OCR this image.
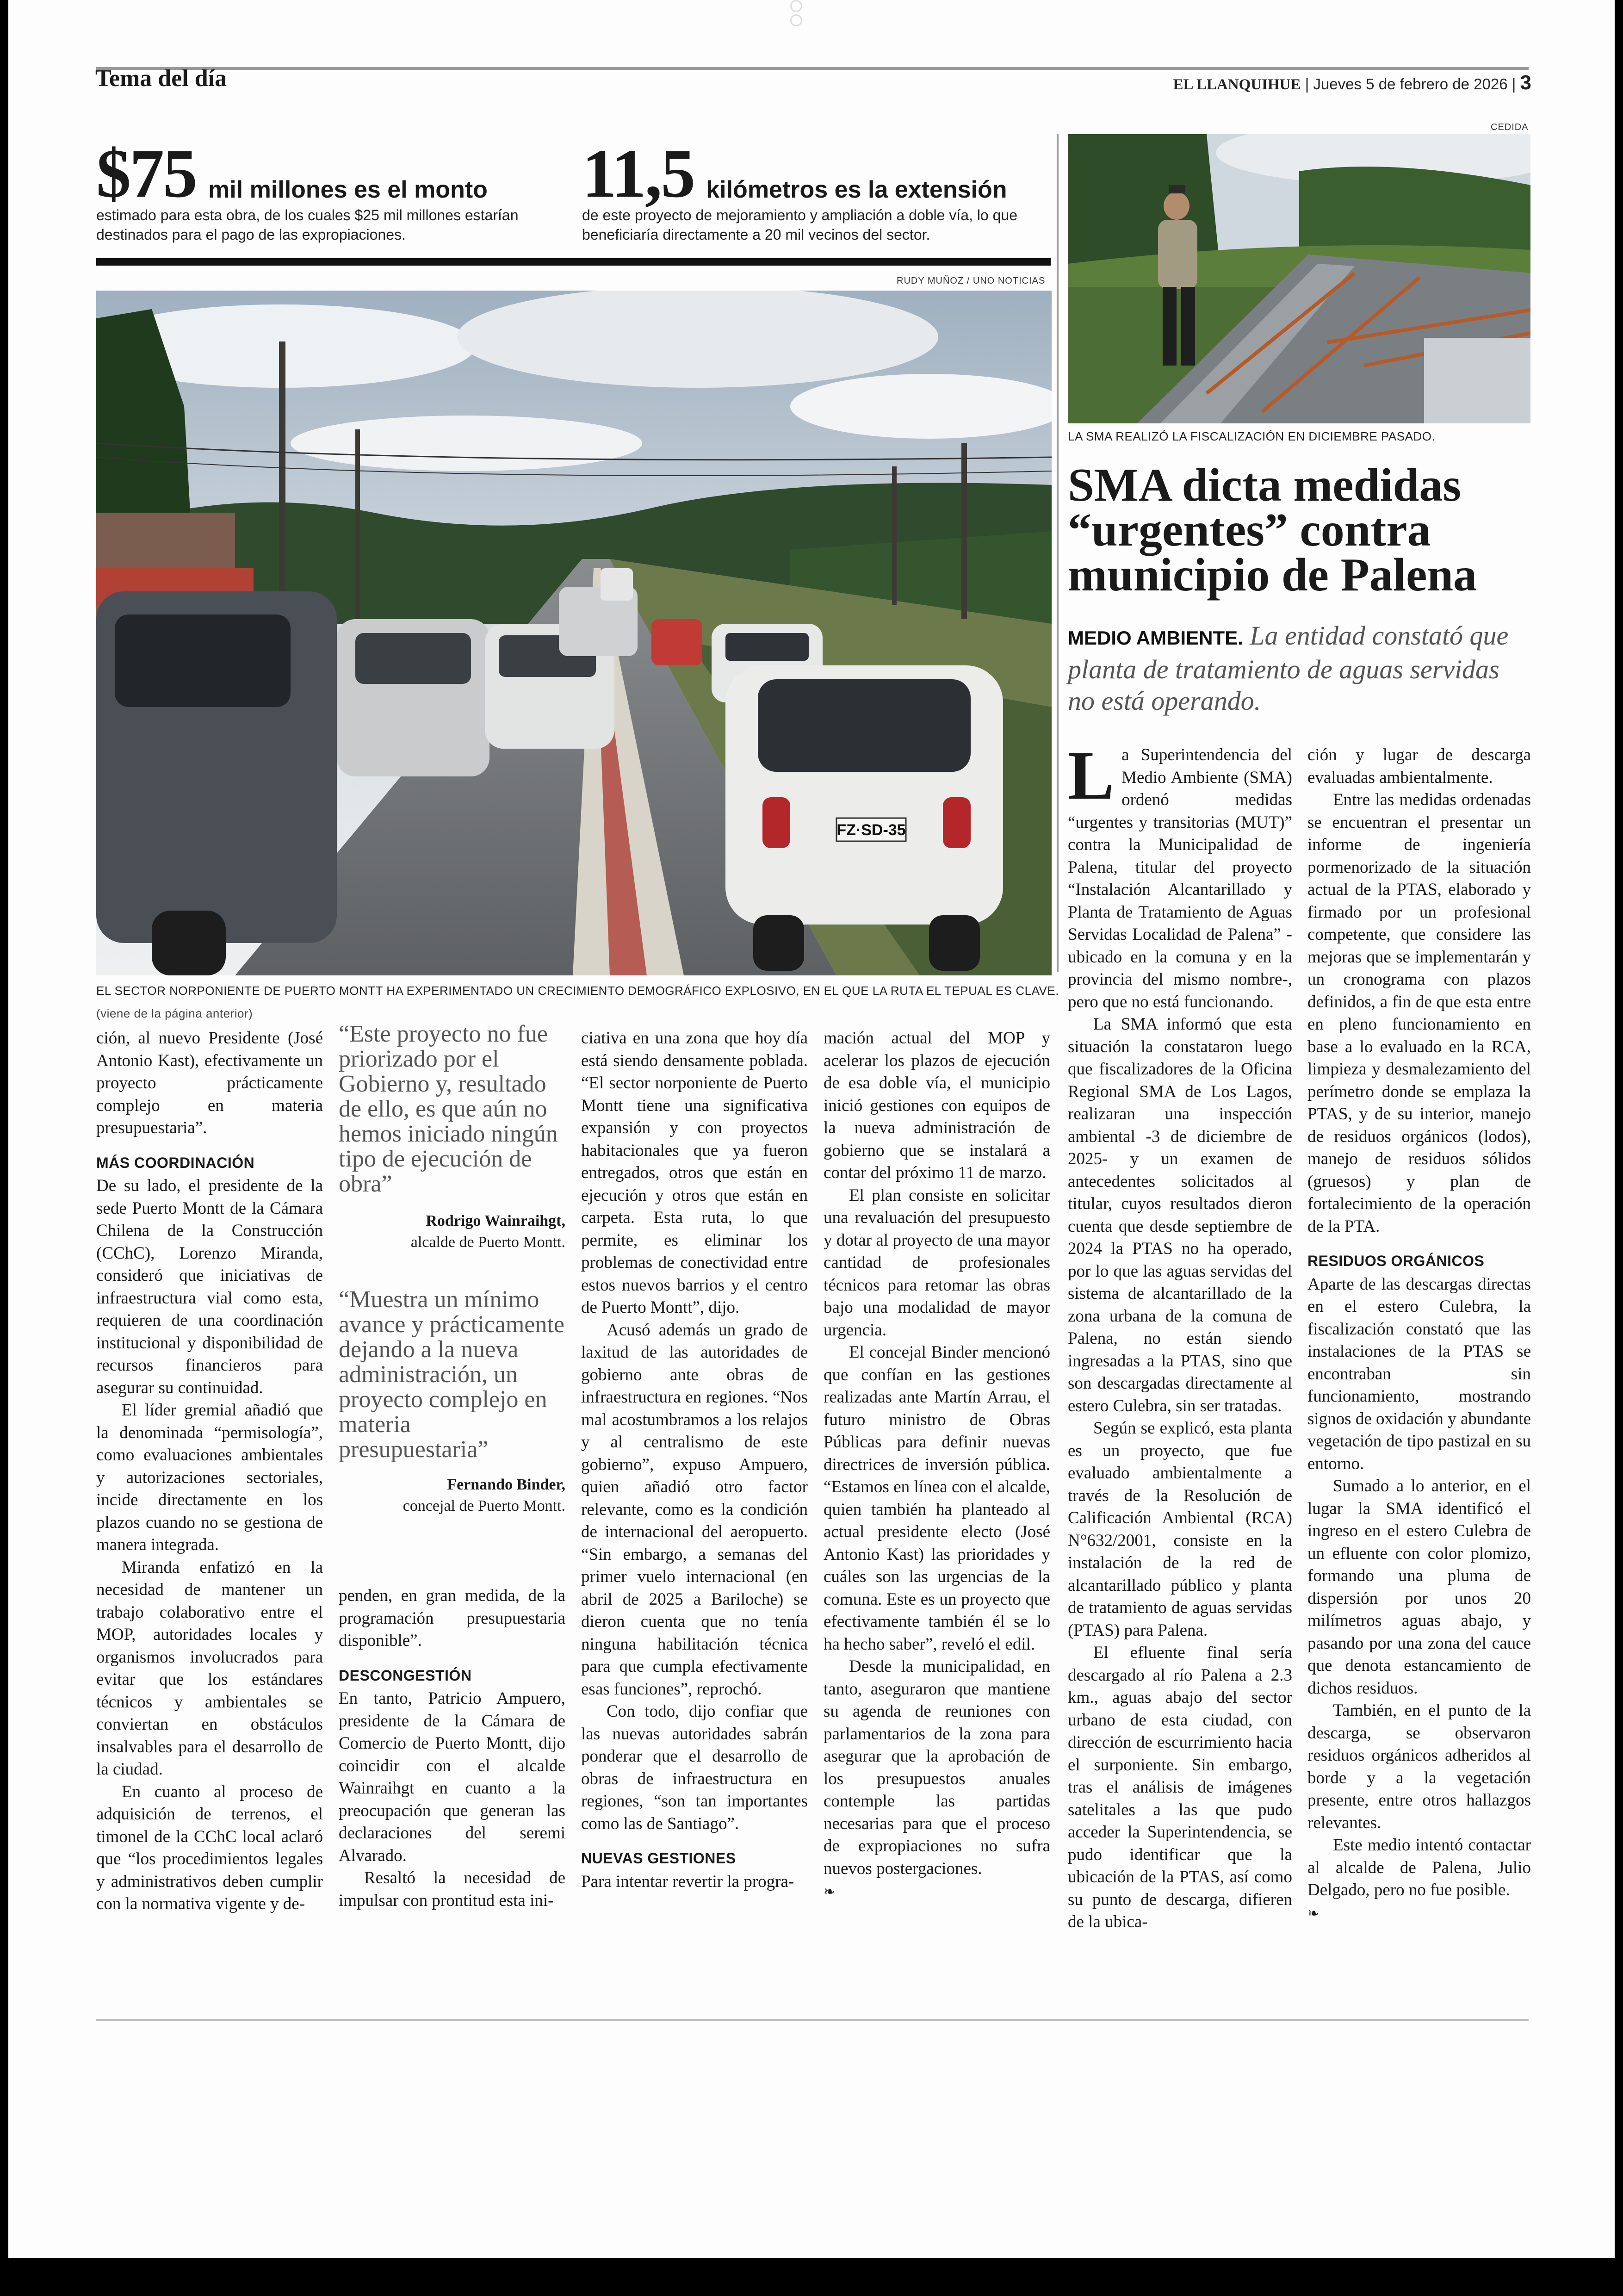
Tema del día	EL LLANQUIHUE | Jueves 5 de febrero de 2026 | 3
$75 mil millones es el monto
estimado para esta obra, de los cuales $25 mil millones estarían destinados para el pago de las expropiaciones.
11,5 kilómetros es la extensión
de este proyecto de mejoramiento y ampliación a doble vía, lo que beneficiaría directamente a 20 mil vecinos del sector.
RUDY MUÑOZ / UNO NOTICIAS
FZ·SD-35
EL SECTOR NORPONIENTE DE PUERTO MONTT HA EXPERIMENTADO UN CRECIMIENTO DEMOGRÁFICO EXPLOSIVO, EN EL QUE LA RUTA EL TEPUAL ES CLAVE.
(viene de la página anterior)

ción, al nuevo Presidente (José Antonio Kast), efectivamente un proyecto prácticamente complejo en materia presupuestaria”.

MÁS COORDINACIÓN

De su lado, el presidente de la sede Puerto Montt de la Cámara Chilena de la Construcción (CChC), Lorenzo Miranda, consideró que iniciativas de infraestructura vial como esta, requieren de una coordinación institucional y disponibilidad de recursos financieros para asegurar su continuidad.

El líder gremial añadió que la denominada “permisología”, como evaluaciones ambientales y autorizaciones sectoriales, incide directamente en los plazos cuando no se gestiona de manera integrada.

Miranda enfatizó en la necesidad de mantener un trabajo colaborativo entre el MOP, autoridades locales y organismos involucrados para evitar que los estándares técnicos y ambientales se conviertan en obstáculos insalvables para el desarrollo de la ciudad.

En cuanto al proceso de adquisición de terrenos, el timonel de la CChC local aclaró que “los procedimientos legales y administrativos deben cumplir con la normativa vigente y de-

“Este proyecto no fue priorizado por el Gobierno y, resultado de ello, es que aún no hemos iniciado ningún tipo de ejecución de obra”
Rodrigo Wainraihgt,
alcalde de Puerto Montt.
“Muestra un mínimo avance y prácticamente dejando a la nueva administración, un proyecto complejo en materia presupuestaria”
Fernando Binder,
concejal de Puerto Montt.

penden, en gran medida, de la programación presupuestaria disponible”.

DESCONGESTIÓN

En tanto, Patricio Ampuero, presidente de la Cámara de Comercio de Puerto Montt, dijo coincidir con el alcalde Wainraihgt en cuanto a la preocupación que generan las declaraciones del seremi Alvarado.

Resaltó la necesidad de impulsar con prontitud esta ini-

ciativa en una zona que hoy día está siendo densamente poblada. “El sector norponiente de Puerto Montt tiene una significativa expansión y con proyectos habitacionales que ya fueron entregados, otros que están en ejecución y otros que están en carpeta. Esta ruta, lo que permite, es eliminar los problemas de conectividad entre estos nuevos barrios y el centro de Puerto Montt”, dijo.

Acusó además un grado de laxitud de las autoridades de gobierno ante obras de infraestructura en regiones. “Nos mal acostumbramos a los relajos y al centralismo de este gobierno”, expuso Ampuero, quien añadió otro factor relevante, como es la condición de internacional del aeropuerto. “Sin embargo, a semanas del primer vuelo internacional (en abril de 2025 a Bariloche) se dieron cuenta que no tenía ninguna habilitación técnica para que cumpla efectivamente esas funciones”, reprochó.

Con todo, dijo confiar que las nuevas autoridades sabrán ponderar que el desarrollo de obras de infraestructura en regiones, “son tan importantes como las de Santiago”.

NUEVAS GESTIONES

Para intentar revertir la progra-

mación actual del MOP y acelerar los plazos de ejecución de esa doble vía, el municipio inició gestiones con equipos de la nueva administración de gobierno que se instalará a contar del próximo 11 de marzo.

El plan consiste en solicitar una revaluación del presupuesto y dotar al proyecto de una mayor cantidad de profesionales técnicos para retomar las obras bajo una modalidad de mayor urgencia.

El concejal Binder mencionó que confían en las gestiones realizadas ante Martín Arrau, el futuro ministro de Obras Públicas para definir nuevas directrices de inversión pública. “Estamos en línea con el alcalde, quien también ha planteado al actual presidente electo (José Antonio Kast) las prioridades y cuáles son las urgencias de la comuna. Este es un proyecto que efectivamente también él se lo ha hecho saber”, reveló el edil.

Desde la municipalidad, en tanto, aseguraron que mantiene su agenda de reuniones con parlamentarios de la zona para asegurar que la aprobación de los presupuestos anuales contemple las partidas necesarias para que el proceso de expropiaciones no sufra nuevos postergaciones.

❧
CEDIDA
LA SMA REALIZÓ LA FISCALIZACIÓN EN DICIEMBRE PASADO.
SMA dicta medidas “urgentes” contra municipio de Palena
MEDIO AMBIENTE. La entidad constató que planta de tratamiento de aguas servidas no está operando.
L a Superintendencia del Medio Ambiente (SMA) ordenó medidas “urgentes y transitorias (MUT)” contra la Municipalidad de Palena, titular del proyecto “Instalación Alcantarillado y Planta de Tratamiento de Aguas Servidas Localidad de Palena” -ubicado en la comuna y en la provincia del mismo nombre-, pero que no está funcionando.

La SMA informó que esta situación la constataron luego que fiscalizadores de la Oficina Regional SMA de Los Lagos, realizaran una inspección ambiental -3 de diciembre de 2025- y un examen de antecedentes solicitados al titular, cuyos resultados dieron cuenta que desde septiembre de 2024 la PTAS no ha operado, por lo que las aguas servidas del sistema de alcantarillado de la zona urbana de la comuna de Palena, no están siendo ingresadas a la PTAS, sino que son descargadas directamente al estero Culebra, sin ser tratadas.

Según se explicó, esta planta es un proyecto, que fue evaluado ambientalmente a través de la Resolución de Calificación Ambiental (RCA) N°632/2001, consiste en la instalación de la red de alcantarillado público y planta de tratamiento de aguas servidas (PTAS) para Palena.

El efluente final sería descargado al río Palena a 2.3 km., aguas abajo del sector urbano de esta ciudad, con dirección de escurrimiento hacia el surponiente. Sin embargo, tras el análisis de imágenes satelitales a las que pudo acceder la Superintendencia, se pudo identificar que la ubicación de la PTAS, así como su punto de descarga, difieren de la ubica-

ción y lugar de descarga evaluadas ambientalmente.

Entre las medidas ordenadas se encuentran el presentar un informe de ingeniería pormenorizado de la situación actual de la PTAS, elaborado y firmado por un profesional competente, que considere las mejoras que se implementarán y un cronograma con plazos definidos, a fin de que esta entre en pleno funcionamiento en base a lo evaluado en la RCA, limpieza y desmalezamiento del perímetro donde se emplaza la PTAS, y de su interior, manejo de residuos orgánicos (lodos), manejo de residuos sólidos (gruesos) y plan de fortalecimiento de la operación de la PTA.

RESIDUOS ORGÁNICOS

Aparte de las descargas directas en el estero Culebra, la fiscalización constató que las instalaciones de la PTAS se encontraban sin funcionamiento, mostrando signos de oxidación y abundante vegetación de tipo pastizal en su entorno.

Sumado a lo anterior, en el lugar la SMA identificó el ingreso en el estero Culebra de un efluente con color plomizo, formando una pluma de dispersión por unos 20 milímetros aguas abajo, y pasando por una zona del cauce que denota estancamiento de dichos residuos.

También, en el punto de la descarga, se observaron residuos orgánicos adheridos al borde y a la vegetación presente, entre otros hallazgos relevantes.

Este medio intentó contactar al alcalde de Palena, Julio Delgado, pero no fue posible.

❧
